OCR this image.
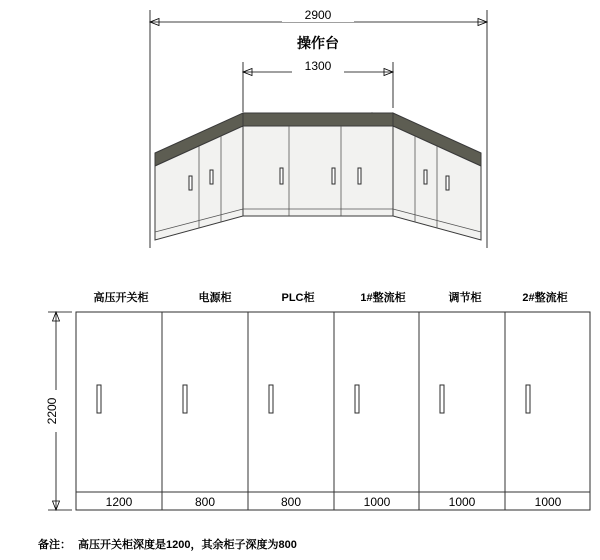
2900
操作台
1300
高压开关柜	电源柜	PLC柜	1#整流柜	调节柜	2#整流柜
2200
1200	800	800	1000	1000	1000
备注： 高压开关柜深度是1200，其余柜子深度为800
